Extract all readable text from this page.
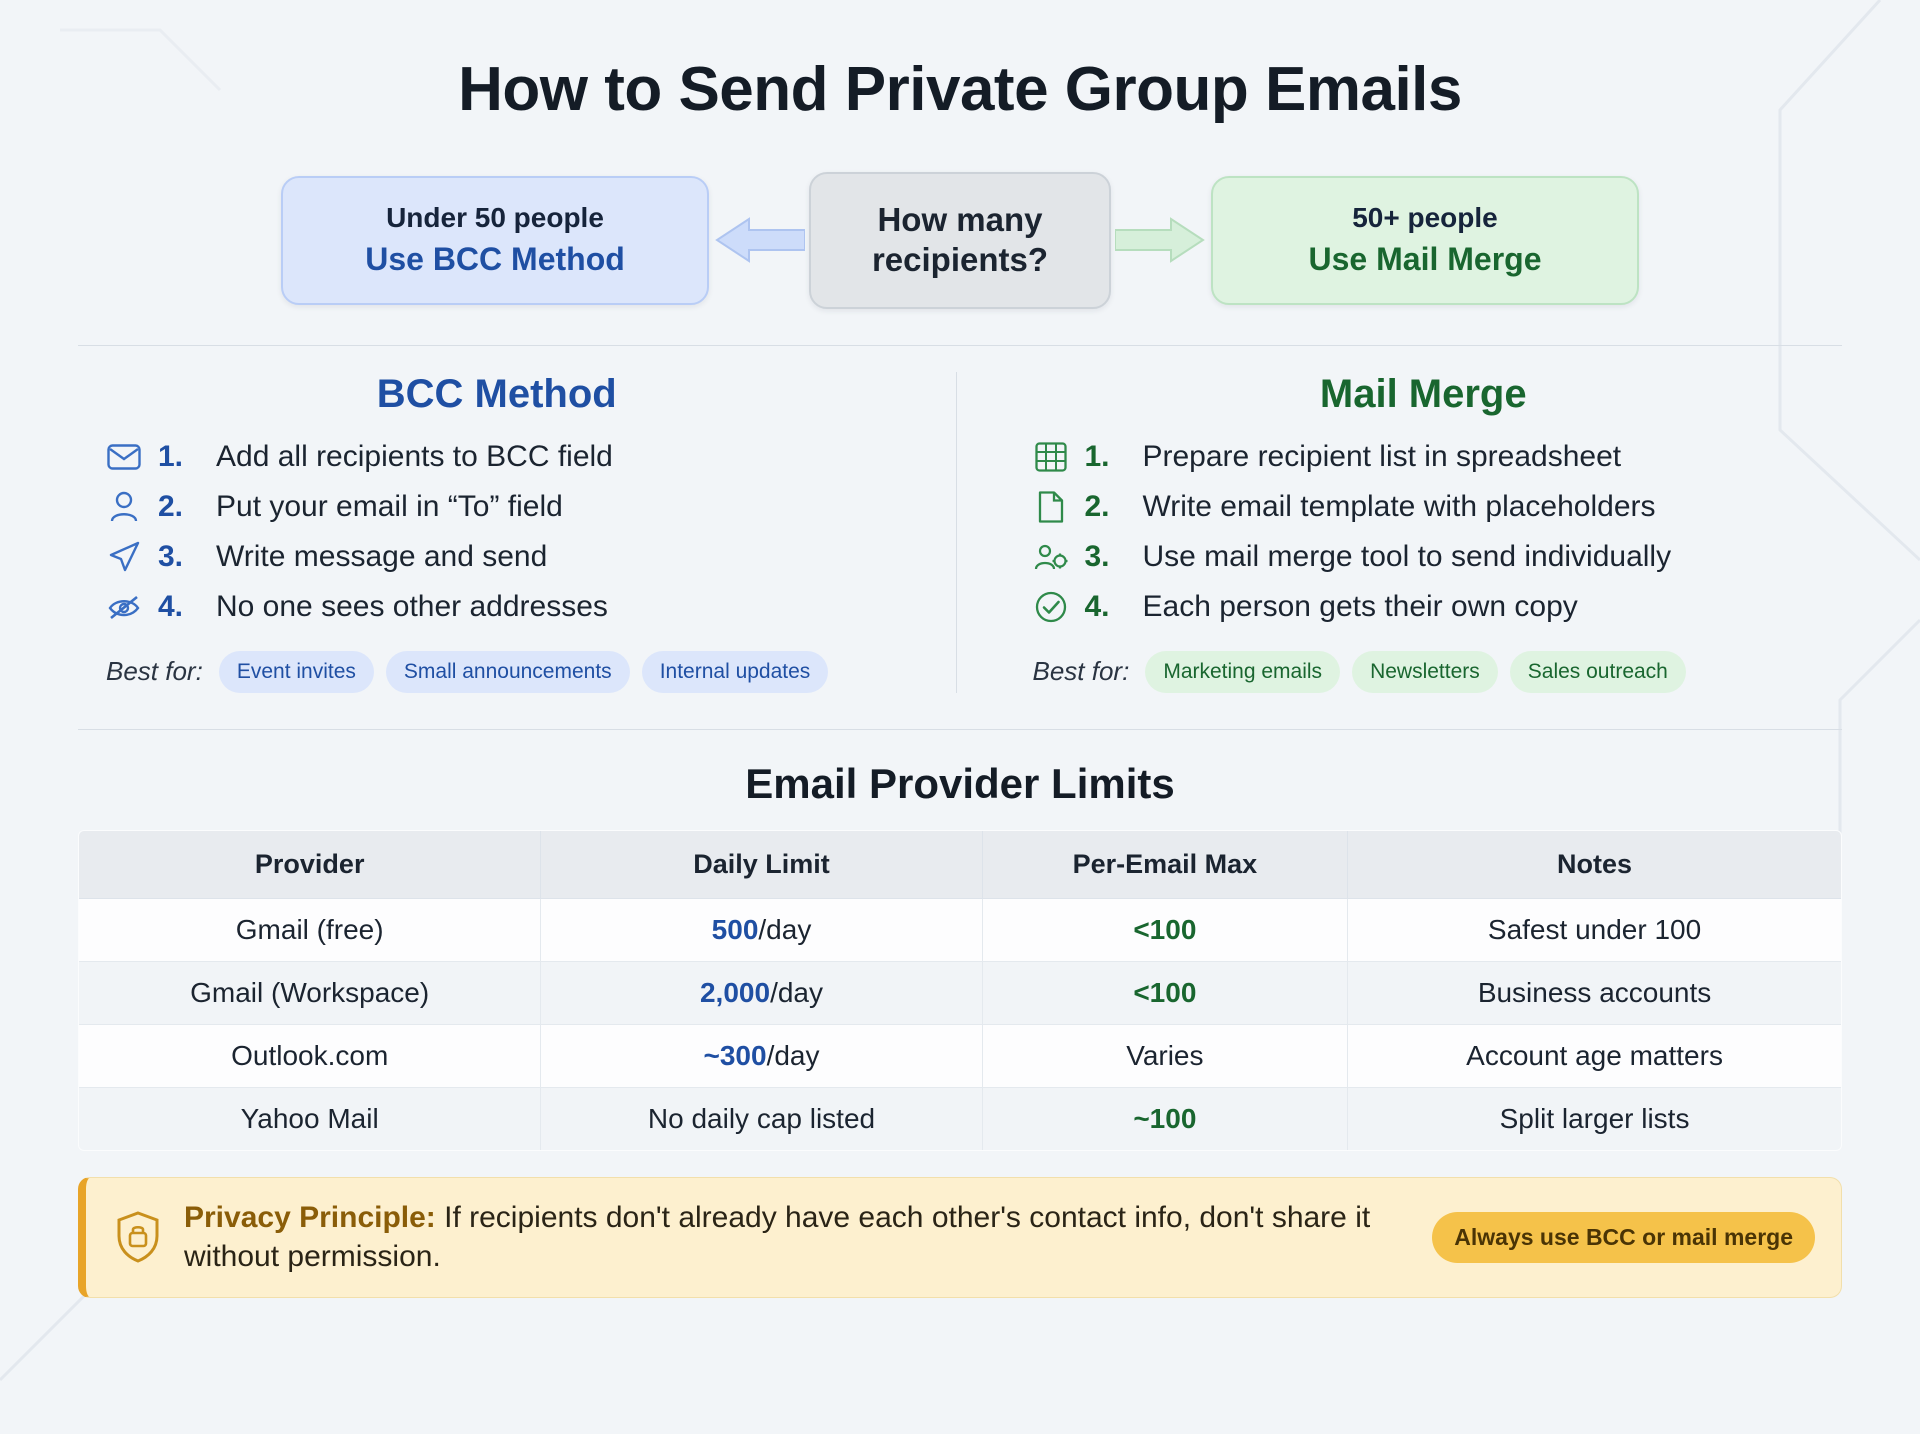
How to Send Private Group Emails
Under 50 people
Use BCC Method
How many
recipients?
50+ people
Use Mail Merge
BCC Method
1.	Add all recipients to BCC field
2.	Put your email in “To” field
3.	Write message and send
4.	No one sees other addresses
Best for:	Event invites	Small announcements	Internal updates
Mail Merge
1.	Prepare recipient list in spreadsheet
2.	Write email template with placeholders
3.	Use mail merge tool to send individually
4.	Each person gets their own copy
Best for:	Marketing emails	Newsletters	Sales outreach
Email Provider Limits
Provider	Daily Limit	Per-Email Max	Notes
Gmail (free)	500/day	<100	Safest under 100
Gmail (Workspace)	2,000/day	<100	Business accounts
Outlook.com	~300/day	Varies	Account age matters
Yahoo Mail	No daily cap listed	~100	Split larger lists
Privacy Principle: If recipients don't already have each other's contact info, don't share it without permission.
Always use BCC or mail merge
